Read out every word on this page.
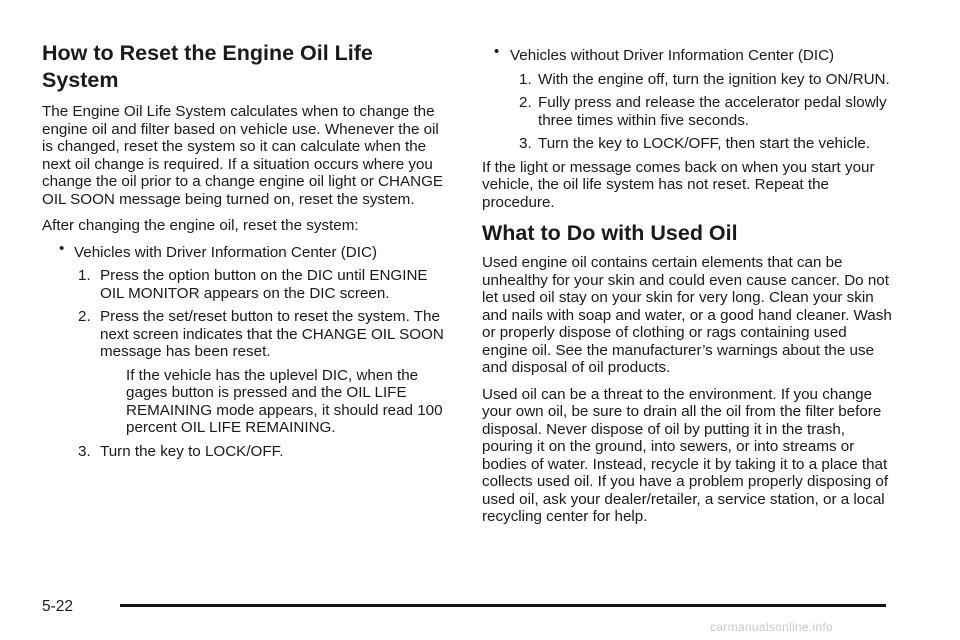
How to Reset the Engine Oil Life System

The Engine Oil Life System calculates when to change the engine oil and filter based on vehicle use. Whenever the oil is changed, reset the system so it can calculate when the next oil change is required. If a situation occurs where you change the oil prior to a change engine oil light or CHANGE OIL SOON message being turned on, reset the system.

After changing the engine oil, reset the system:

• Vehicles with Driver Information Center (DIC)
1. Press the option button on the DIC until ENGINE OIL MONITOR appears on the DIC screen.
2. Press the set/reset button to reset the system. The next screen indicates that the CHANGE OIL SOON message has been reset.
If the vehicle has the uplevel DIC, when the gages button is pressed and the OIL LIFE REMAINING mode appears, it should read 100 percent OIL LIFE REMAINING.
3. Turn the key to LOCK/OFF.
• Vehicles without Driver Information Center (DIC)
1. With the engine off, turn the ignition key to ON/RUN.
2. Fully press and release the accelerator pedal slowly three times within five seconds.
3. Turn the key to LOCK/OFF, then start the vehicle.

If the light or message comes back on when you start your vehicle, the oil life system has not reset. Repeat the procedure.

What to Do with Used Oil

Used engine oil contains certain elements that can be unhealthy for your skin and could even cause cancer. Do not let used oil stay on your skin for very long. Clean your skin and nails with soap and water, or a good hand cleaner. Wash or properly dispose of clothing or rags containing used engine oil. See the manufacturer’s warnings about the use and disposal of oil products.

Used oil can be a threat to the environment. If you change your own oil, be sure to drain all the oil from the filter before disposal. Never dispose of oil by putting it in the trash, pouring it on the ground, into sewers, or into streams or bodies of water. Instead, recycle it by taking it to a place that collects used oil. If you have a problem properly disposing of used oil, ask your dealer/retailer, a service station, or a local recycling center for help.

5-22
carmanualsonline.info
